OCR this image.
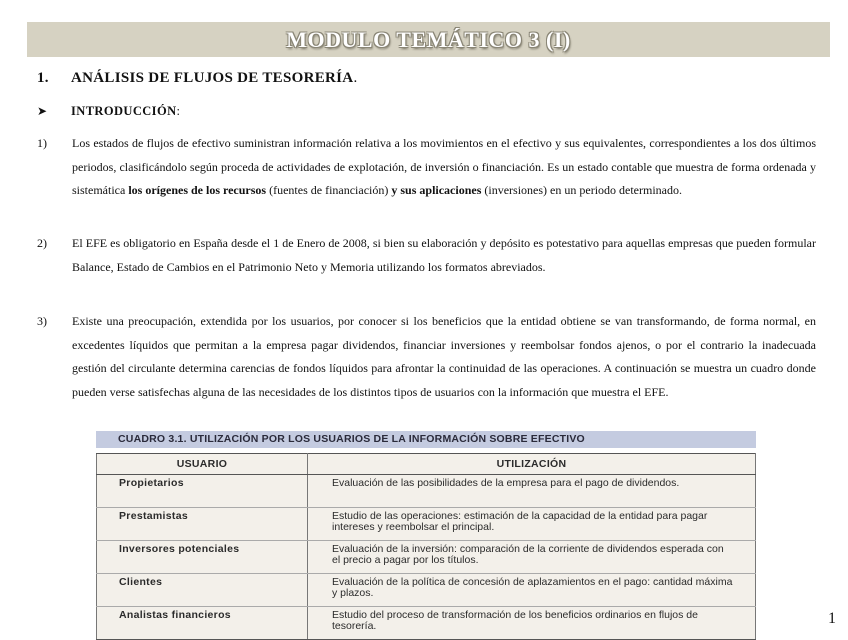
MODULO TEMÁTICO 3 (I)
1. ANÁLISIS DE FLUJOS DE TESORERÍA.
➤ INTRODUCCIÓN:
1) Los estados de flujos de efectivo suministran información relativa a los movimientos en el efectivo y sus equivalentes, correspondientes a los dos últimos periodos, clasificándolo según proceda de actividades de explotación, de inversión o financiación. Es un estado contable que muestra de forma ordenada y sistemática los orígenes de los recursos (fuentes de financiación) y sus aplicaciones (inversiones) en un periodo determinado.
2) El EFE es obligatorio en España desde el 1 de Enero de 2008, si bien su elaboración y depósito es potestativo para aquellas empresas que pueden formular Balance, Estado de Cambios en el Patrimonio Neto y Memoria utilizando los formatos abreviados.
3) Existe una preocupación, extendida por los usuarios, por conocer si los beneficios que la entidad obtiene se van transformando, de forma normal, en excedentes líquidos que permitan a la empresa pagar dividendos, financiar inversiones y reembolsar fondos ajenos, o por el contrario la inadecuada gestión del circulante determina carencias de fondos líquidos para afrontar la continuidad de las operaciones. A continuación se muestra un cuadro donde pueden verse satisfechas alguna de las necesidades de los distintos tipos de usuarios con la información que muestra el EFE.
CUADRO 3.1. UTILIZACIÓN POR LOS USUARIOS DE LA INFORMACIÓN SOBRE EFECTIVO
USUARIO	UTILIZACIÓN
Propietarios	Evaluación de las posibilidades de la empresa para el pago de dividendos.
Prestamistas	Estudio de las operaciones: estimación de la capacidad de la entidad para pagar intereses y reembolsar el principal.
Inversores potenciales	Evaluación de la inversión: comparación de la corriente de dividendos esperada con el precio a pagar por los títulos.
Clientes	Evaluación de la política de concesión de aplazamientos en el pago: cantidad máxima y plazos.
Analistas financieros	Estudio del proceso de transformación de los beneficios ordinarios en flujos de tesorería.	1
